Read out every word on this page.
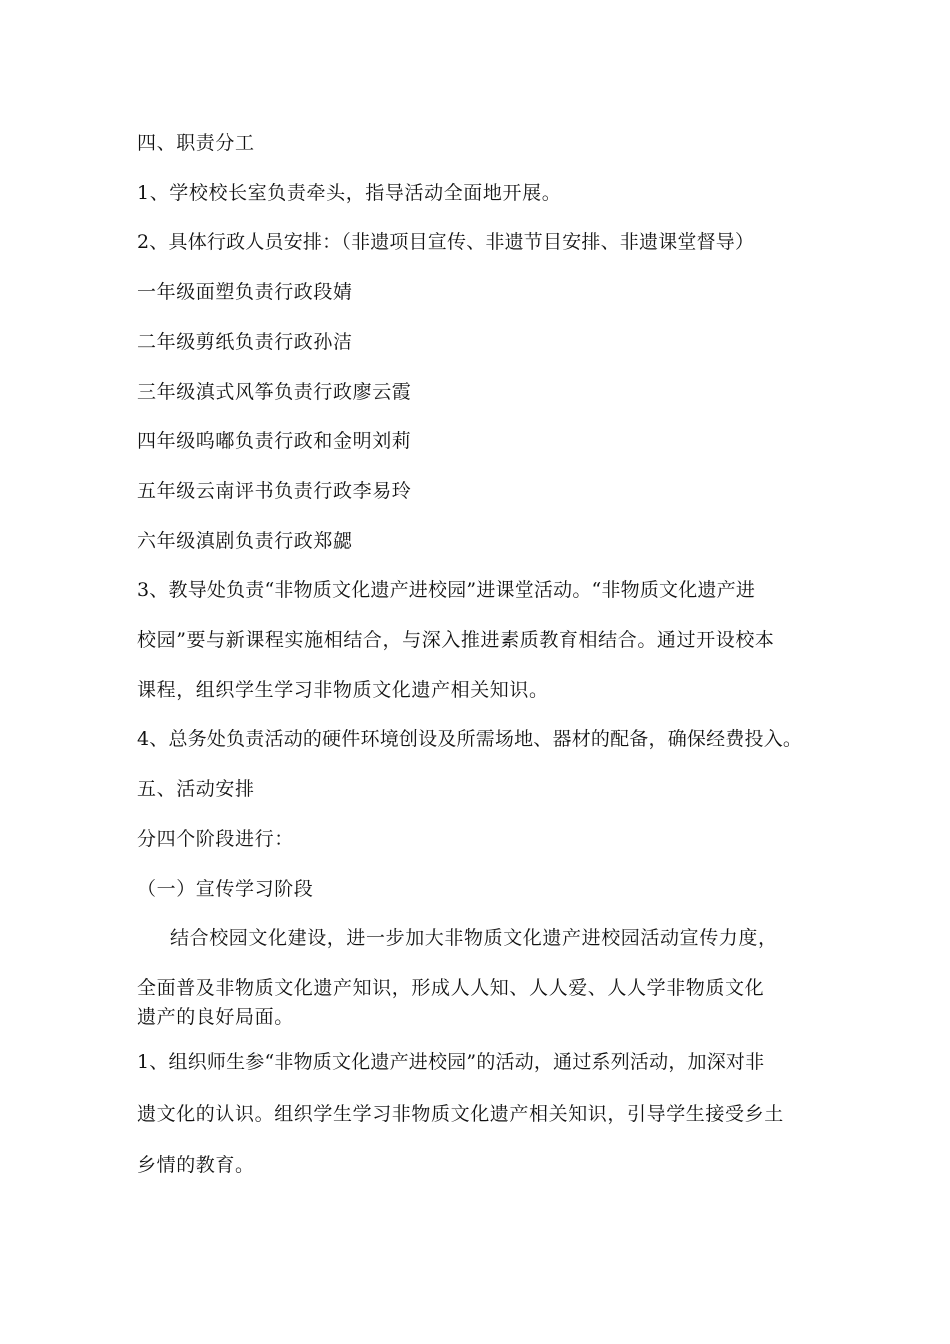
四、职责分工
1、学校校长室负责牵头，指导活动全面地开展。
2、具体行政人员安排：（非遗项目宣传、非遗节目安排、非遗课堂督导）
一年级面塑负责行政段婧
二年级剪纸负责行政孙洁
三年级滇式风筝负责行政廖云霞
四年级呜嘟负责行政和金明刘莉
五年级云南评书负责行政李易玲
六年级滇剧负责行政郑勰
3、教导处负责“非物质文化遗产进校园”进课堂活动。“非物质文化遗产进
校园”要与新课程实施相结合，与深入推进素质教育相结合。通过开设校本
课程，组织学生学习非物质文化遗产相关知识。
4、总务处负责活动的硬件环境创设及所需场地、器材的配备，确保经费投入。
五、活动安排
分四个阶段进行：
（一）宣传学习阶段
结合校园文化建设，进一步加大非物质文化遗产进校园活动宣传力度，
全面普及非物质文化遗产知识，形成人人知、人人爱、人人学非物质文化
遗产的良好局面。
1、组织师生参“非物质文化遗产进校园”的活动，通过系列活动，加深对非
遗文化的认识。组织学生学习非物质文化遗产相关知识，引导学生接受乡土
乡情的教育。
